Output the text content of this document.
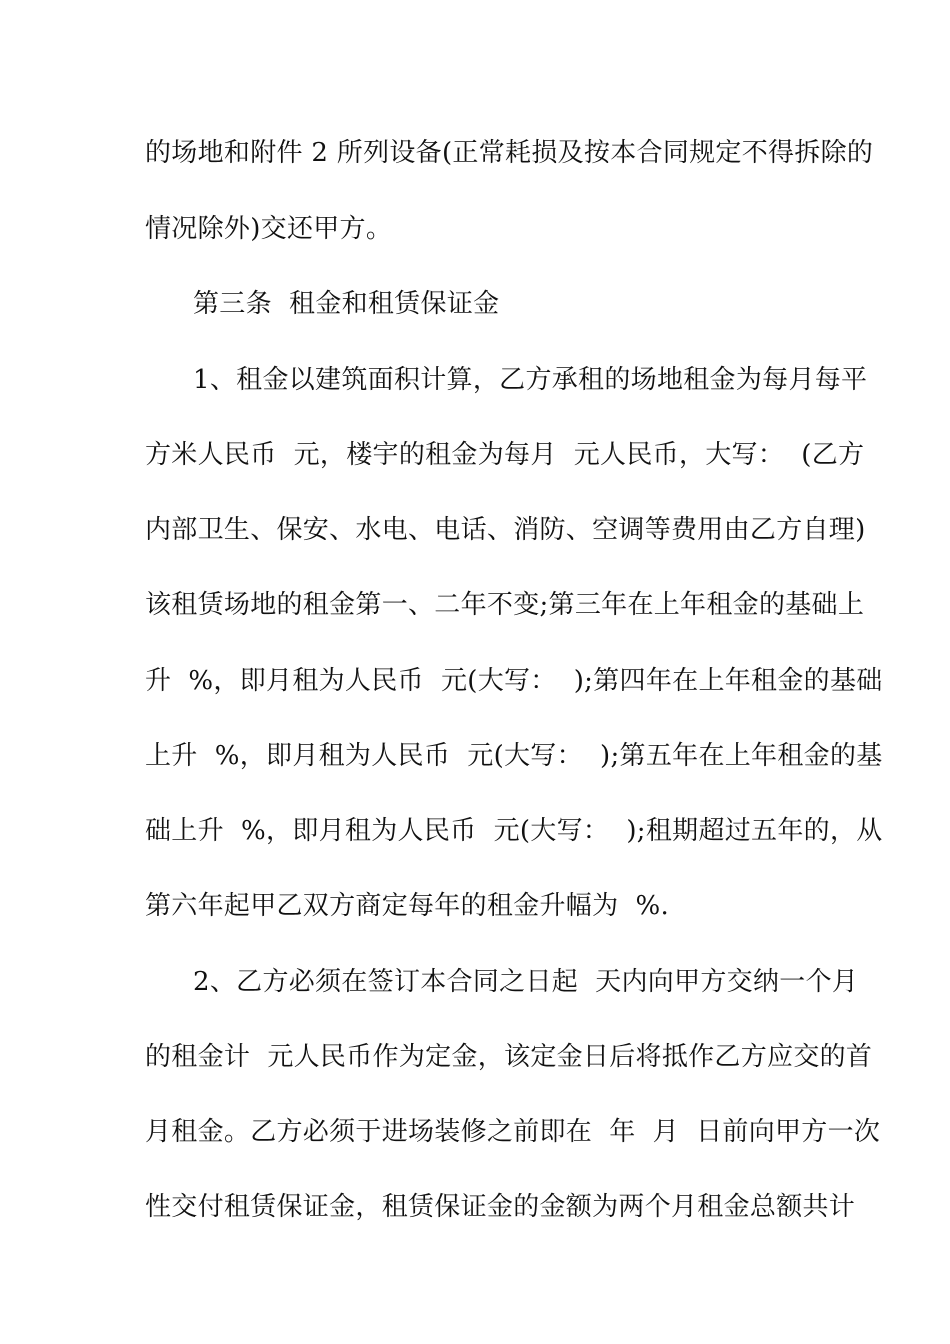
的场地和附件 2 所列设备(正常耗损及按本合同规定不得拆除的
情况除外)交还甲方。
第三条  租金和租赁保证金
1、租金以建筑面积计算，乙方承租的场地租金为每月每平
方米人民币  元，楼宇的租金为每月  元人民币，大写：  (乙方
内部卫生、保安、水电、电话、消防、空调等费用由乙方自理)
该租赁场地的租金第一、二年不变;第三年在上年租金的基础上
升  %，即月租为人民币  元(大写：  );第四年在上年租金的基础
上升  %，即月租为人民币  元(大写：  );第五年在上年租金的基
础上升  %，即月租为人民币  元(大写：  );租期超过五年的，从
第六年起甲乙双方商定每年的租金升幅为  %.
2、乙方必须在签订本合同之日起  天内向甲方交纳一个月
的租金计  元人民币作为定金，该定金日后将抵作乙方应交的首
月租金。乙方必须于进场装修之前即在  年  月  日前向甲方一次
性交付租赁保证金，租赁保证金的金额为两个月租金总额共计
